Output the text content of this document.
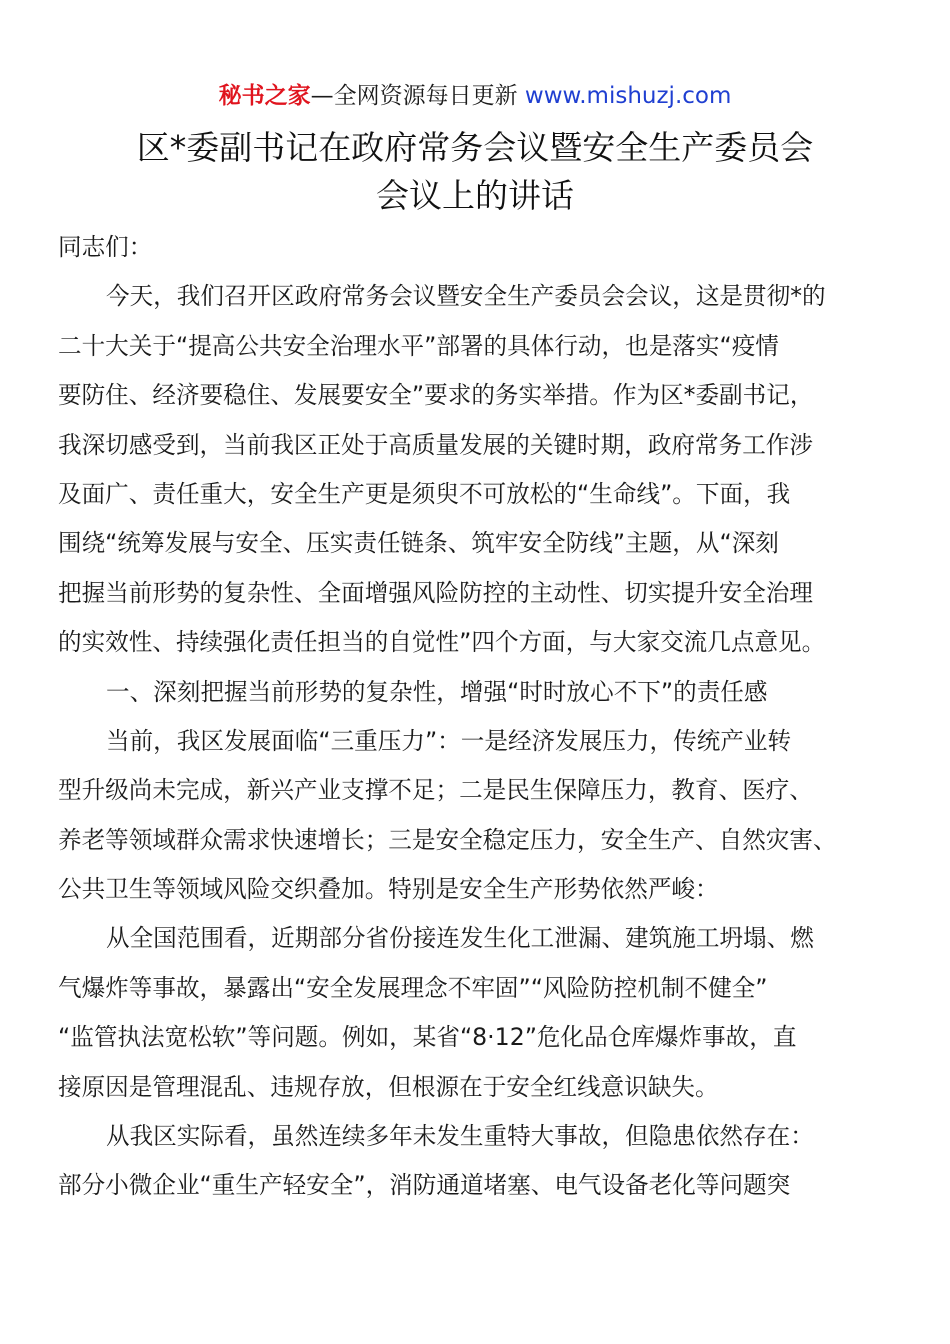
秘书之家—全网资源每日更新 www.mishuzj.com
区*委副书记在政府常务会议暨安全生产委员会
会议上的讲话
同志们：
今天，我们召开区政府常务会议暨安全生产委员会会议，这是贯彻*的
二十大关于“提高公共安全治理水平”部署的具体行动，也是落实“疫情
要防住、经济要稳住、发展要安全”要求的务实举措。作为区*委副书记，
我深切感受到，当前我区正处于高质量发展的关键时期，政府常务工作涉
及面广、责任重大，安全生产更是须臾不可放松的“生命线”。下面，我
围绕“统筹发展与安全、压实责任链条、筑牢安全防线”主题，从“深刻
把握当前形势的复杂性、全面增强风险防控的主动性、切实提升安全治理
的实效性、持续强化责任担当的自觉性”四个方面，与大家交流几点意见。
一、深刻把握当前形势的复杂性，增强“时时放心不下”的责任感
当前，我区发展面临“三重压力”：一是经济发展压力，传统产业转
型升级尚未完成，新兴产业支撑不足；二是民生保障压力，教育、医疗、
养老等领域群众需求快速增长；三是安全稳定压力，安全生产、自然灾害、
公共卫生等领域风险交织叠加。特别是安全生产形势依然严峻：
从全国范围看，近期部分省份接连发生化工泄漏、建筑施工坍塌、燃
气爆炸等事故，暴露出“安全发展理念不牢固”“风险防控机制不健全”
“监管执法宽松软”等问题。例如，某省“8·12”危化品仓库爆炸事故，直
接原因是管理混乱、违规存放，但根源在于安全红线意识缺失。
从我区实际看，虽然连续多年未发生重特大事故，但隐患依然存在：
部分小微企业“重生产轻安全”，消防通道堵塞、电气设备老化等问题突
